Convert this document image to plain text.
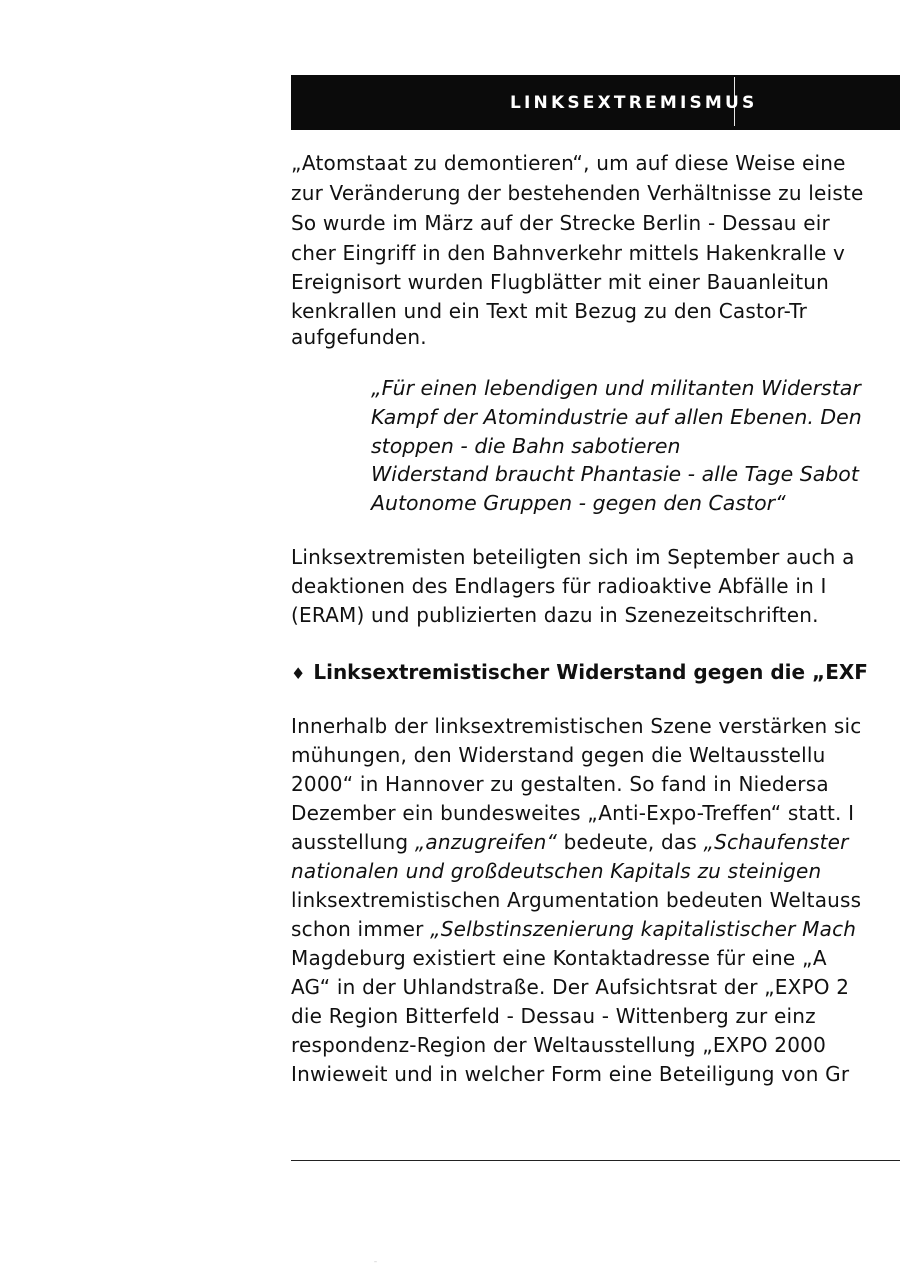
LINKSEXTREMISMUS
„Atomstaat zu demontieren“, um auf diese Weise eine
zur Veränderung der bestehenden Verhältnisse zu leiste
So wurde im März auf der Strecke Berlin - Dessau eir
cher Eingriff in den Bahnverkehr mittels Hakenkralle v
Ereignisort wurden Flugblätter mit einer Bauanleitun
kenkrallen und ein Text mit Bezug zu den Castor-Tr
aufgefunden.
„Für einen lebendigen und militanten Widerstar
Kampf der Atomindustrie auf allen Ebenen. Den
stoppen - die Bahn sabotieren
Widerstand braucht Phantasie - alle Tage Sabot
Autonome Gruppen - gegen den Castor“
Linksextremisten beteiligten sich im September auch a
deaktionen des Endlagers für radioaktive Abfälle in I
(ERAM) und publizierten dazu in Szenezeitschriften.
♦ Linksextremistischer Widerstand gegen die „EXF
Innerhalb der linksextremistischen Szene verstärken sic
mühungen, den Widerstand gegen die Weltausstellu
2000“ in Hannover zu gestalten. So fand in Niedersa
Dezember ein bundesweites „Anti-Expo-Treffen“ statt. I
ausstellung „anzugreifen“ bedeute, das „Schaufenster
nationalen und großdeutschen Kapitals zu steinigen
linksextremistischen Argumentation bedeuten Weltauss
schon immer „Selbstinszenierung kapitalistischer Mach
Magdeburg existiert eine Kontaktadresse für eine „A
AG“ in der Uhlandstraße. Der Aufsichtsrat der „EXPO 2
die Region Bitterfeld - Dessau - Wittenberg zur einz
respondenz-Region der Weltausstellung „EXPO 2000
Inwieweit und in welcher Form eine Beteiligung von Gr
¨
